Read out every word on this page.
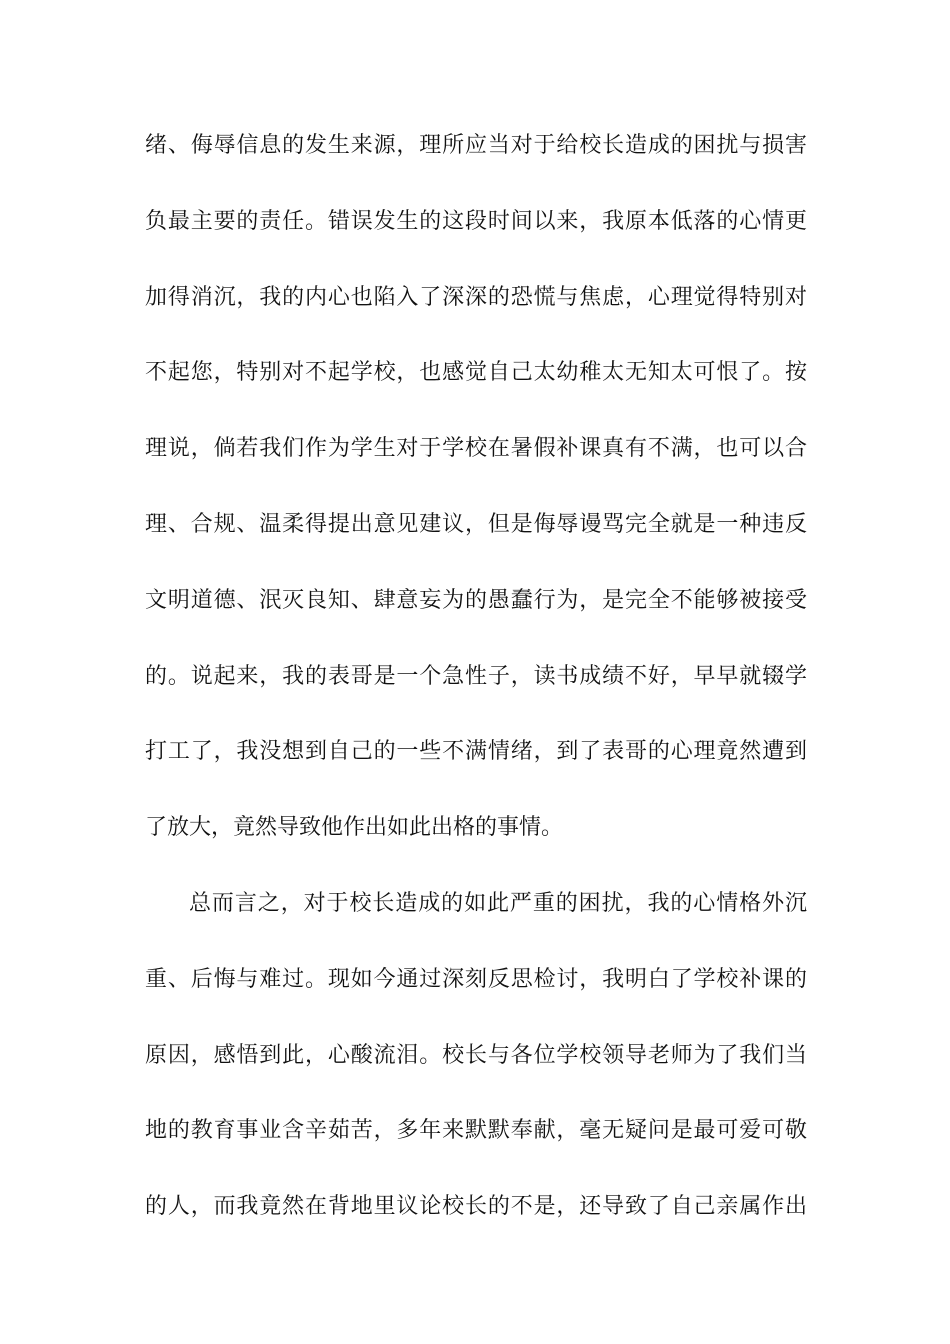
绪、侮辱信息的发生来源，理所应当对于给校长造成的困扰与损害
负最主要的责任。错误发生的这段时间以来，我原本低落的心情更
加得消沉，我的内心也陷入了深深的恐慌与焦虑，心理觉得特别对
不起您，特别对不起学校，也感觉自己太幼稚太无知太可恨了。按
理说，倘若我们作为学生对于学校在暑假补课真有不满，也可以合
理、合规、温柔得提出意见建议，但是侮辱谩骂完全就是一种违反
文明道德、泯灭良知、肆意妄为的愚蠢行为，是完全不能够被接受
的。说起来，我的表哥是一个急性子，读书成绩不好，早早就辍学
打工了，我没想到自己的一些不满情绪，到了表哥的心理竟然遭到
了放大，竟然导致他作出如此出格的事情。
总而言之，对于校长造成的如此严重的困扰，我的心情格外沉
重、后悔与难过。现如今通过深刻反思检讨，我明白了学校补课的
原因，感悟到此，心酸流泪。校长与各位学校领导老师为了我们当
地的教育事业含辛茹苦，多年来默默奉献，毫无疑问是最可爱可敬
的人，而我竟然在背地里议论校长的不是，还导致了自己亲属作出
